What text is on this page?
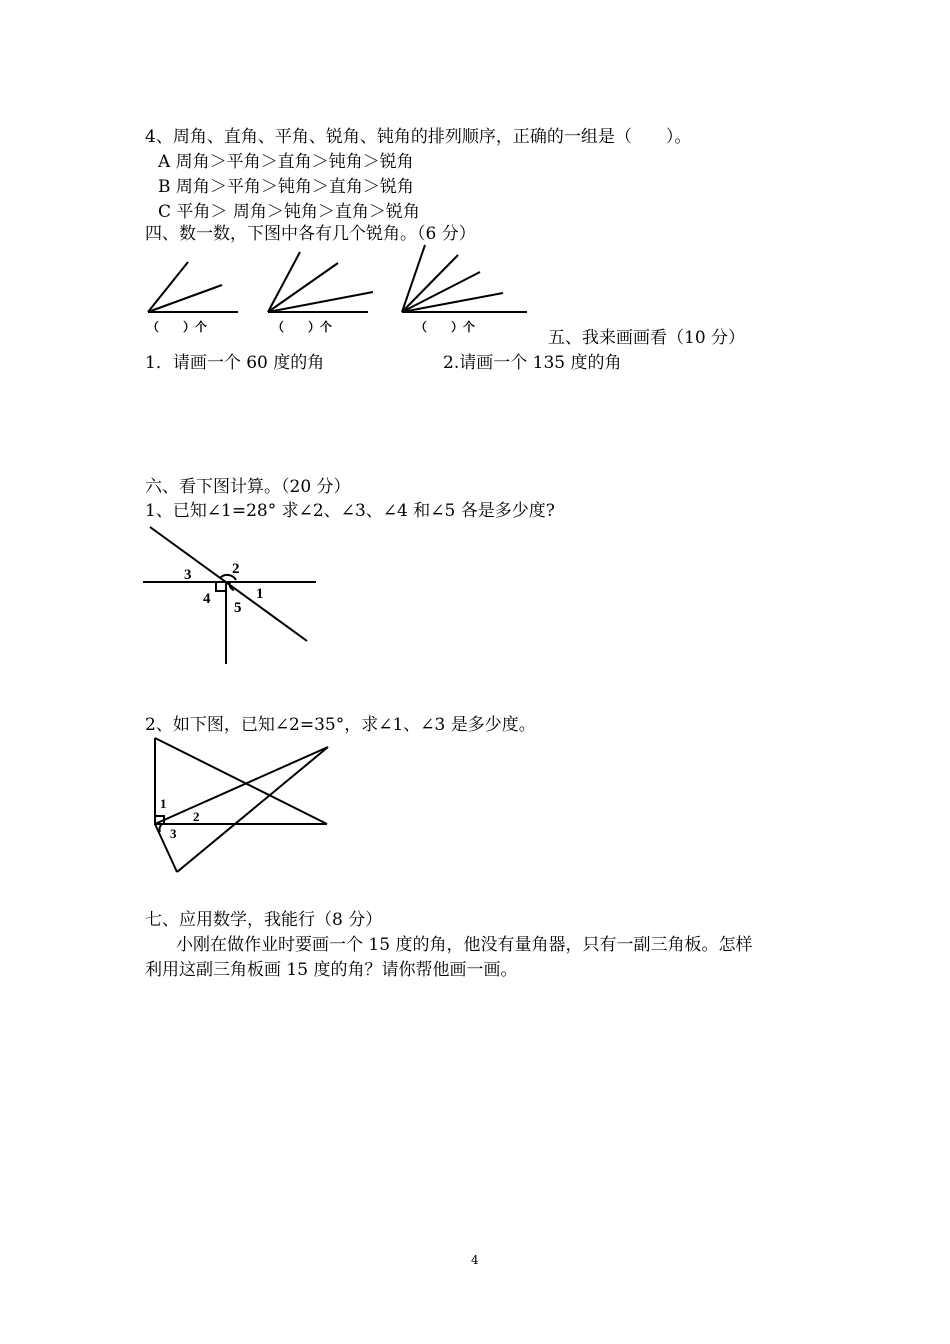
4、周角、直角、平角、锐角、钝角的排列顺序，正确的一组是（　　）。
A 周角＞平角＞直角＞钝角＞锐角
B 周角＞平角＞钝角＞直角＞锐角
C 平角＞ 周角＞钝角＞直角＞锐角
四、数一数，下图中各有几个锐角。（6 分）
（　　）个	（　　）个	（　　）个
五、我来画画看（10 分）
1．请画一个 60 度的角	2.请画一个 135 度的角
六、看下图计算。（20 分）
1、已知∠1=28° 求∠2、∠3、∠4 和∠5 各是多少度?
1
2
3
4
5
2、如下图，已知∠2=35°，求∠1、∠3 是多少度。
1
2
3
七、应用数学，我能行（8 分）
小刚在做作业时要画一个 15 度的角，他没有量角器，只有一副三角板。怎样
利用这副三角板画 15 度的角？请你帮他画一画。
4
